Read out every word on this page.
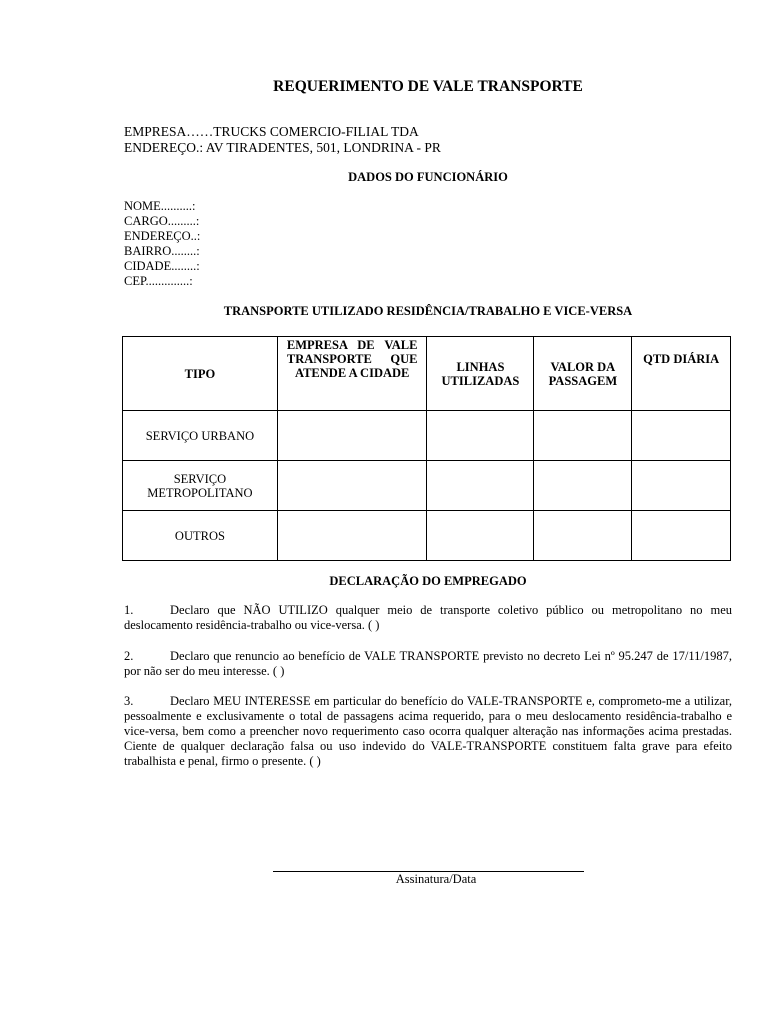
REQUERIMENTO DE VALE TRANSPORTE
EMPRESA……TRUCKS COMERCIO-FILIAL TDA
ENDEREÇO.: AV TIRADENTES, 501, LONDRINA - PR
DADOS DO FUNCIONÁRIO
NOME..........:
CARGO.........:
ENDEREÇO..:
BAIRRO........:
CIDADE........:
CEP..............:
TRANSPORTE UTILIZADO RESIDÊNCIA/TRABALHO E VICE-VERSA
TIPO	EMPRESA DE VALE TRANSPORTE QUE ATENDE A CIDADE	LINHAS UTILIZADAS	VALOR DA PASSAGEM	QTD DIÁRIA
SERVIÇO URBANO				
SERVIÇO METROPOLITANO				
OUTROS				
DECLARAÇÃO DO EMPREGADO
1.	Declaro que NÃO UTILIZO qualquer meio de transporte coletivo público ou metropolitano no meu deslocamento residência-trabalho ou vice-versa. ( )
2.	Declaro que renuncio ao benefício de VALE TRANSPORTE previsto no decreto Lei nº 95.247 de 17/11/1987, por não ser do meu interesse. ( )
3.	Declaro MEU INTERESSE em particular do benefício do VALE-TRANSPORTE e, comprometo-me a utilizar, pessoalmente e exclusivamente o total de passagens acima requerido, para o meu deslocamento residência-trabalho e vice-versa, bem como a preencher novo requerimento caso ocorra qualquer alteração nas informações acima prestadas. Ciente de qualquer declaração falsa ou uso indevido do VALE-TRANSPORTE constituem falta grave para efeito trabalhista e penal, firmo o presente. ( )
Assinatura/Data
